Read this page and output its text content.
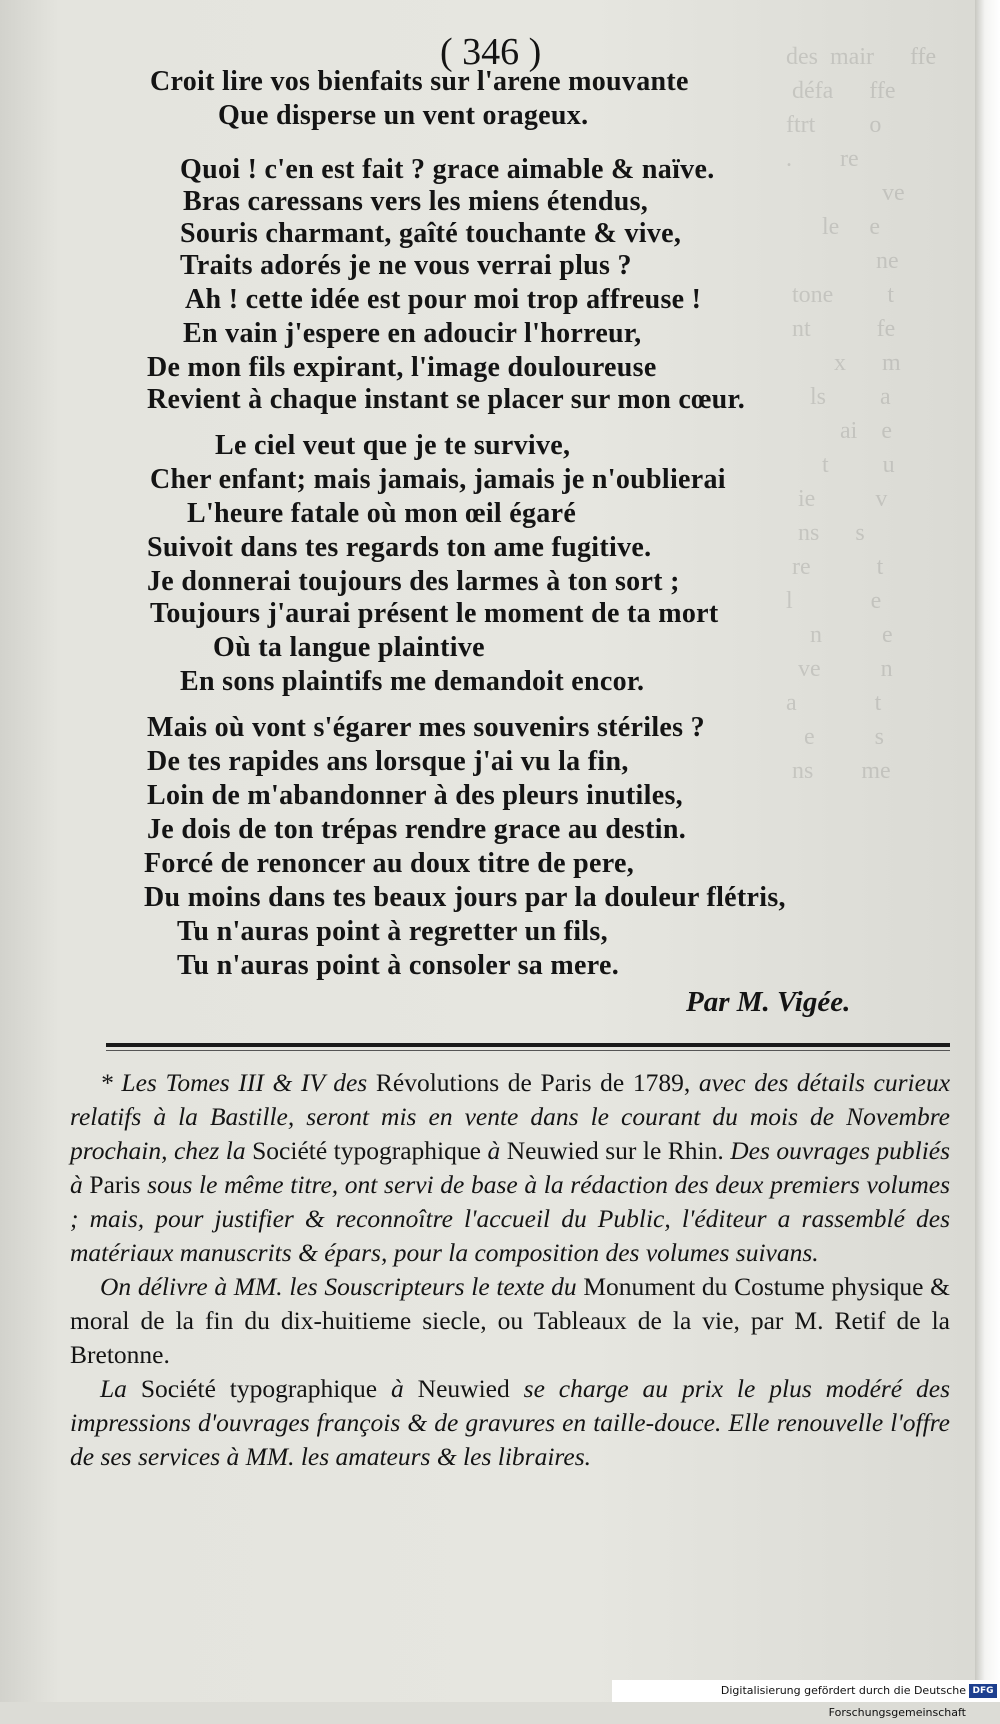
des  mair      ffe
défa      ffe
ftrt         o
.        re
ve
le     e
ne
tone         t
nt           fe
x      m
ls         a
ai    e
t         u
ie          v
ns      s
re           t
l             e
n          e
ve          n
a             t
e          s
ns        me
( 346 )
Croit lire vos bienfaits sur l'arene mouvante
Que disperse un vent orageux.
Quoi ! c'en est fait ? grace aimable & naïve.
Bras caressans vers les miens étendus,
Souris charmant, gaîté touchante & vive,
Traits adorés je ne vous verrai plus ?
Ah ! cette idée est pour moi trop affreuse !
En vain j'espere en adoucir l'horreur,
De mon fils expirant, l'image douloureuse
Revient à chaque instant se placer sur mon cœur.
Le ciel veut que je te survive,
Cher enfant; mais jamais, jamais je n'oublierai
L'heure fatale où mon œil égaré
Suivoit dans tes regards ton ame fugitive.
Je donnerai toujours des larmes à ton sort ;
Toujours j'aurai présent le moment de ta mort
Où ta langue plaintive
En sons plaintifs me demandoit encor.
Mais où vont s'égarer mes souvenirs stériles ?
De tes rapides ans lorsque j'ai vu la fin,
Loin de m'abandonner à des pleurs inutiles,
Je dois de ton trépas rendre grace au destin.
Forcé de renoncer au doux titre de pere,
Du moins dans tes beaux jours par la douleur flétris,
Tu n'auras point à regretter un fils,
Tu n'auras point à consoler sa mere.
Par M. Vigée.

* Les Tomes III & IV des Révolutions de Paris de 1789, avec des détails curieux relatifs à la Bastille, seront mis en vente dans le courant du mois de Novembre prochain, chez la Société typographique à Neuwied sur le Rhin. Des ouvrages publiés à Paris sous le même titre, ont servi de base à la rédaction des deux premiers volumes ; mais, pour justifier & reconnoître l'accueil du Public, l'éditeur a rassemblé des matériaux manuscrits & épars, pour la composition des volumes suivans.

On délivre à MM. les Souscripteurs le texte du Monument du Costume physique & moral de la fin du dix-huitieme siecle, ou Tableaux de la vie, par M. Retif de la Bretonne.

La Société typographique à Neuwied se charge au prix le plus modéré des impressions d'ouvrages françois & de gravures en taille-douce. Elle renouvelle l'offre de ses services à MM. les amateurs & les libraires.

Digitalisierung gefördert durch die Deutsche Forschungsgemeinschaft
DFG
